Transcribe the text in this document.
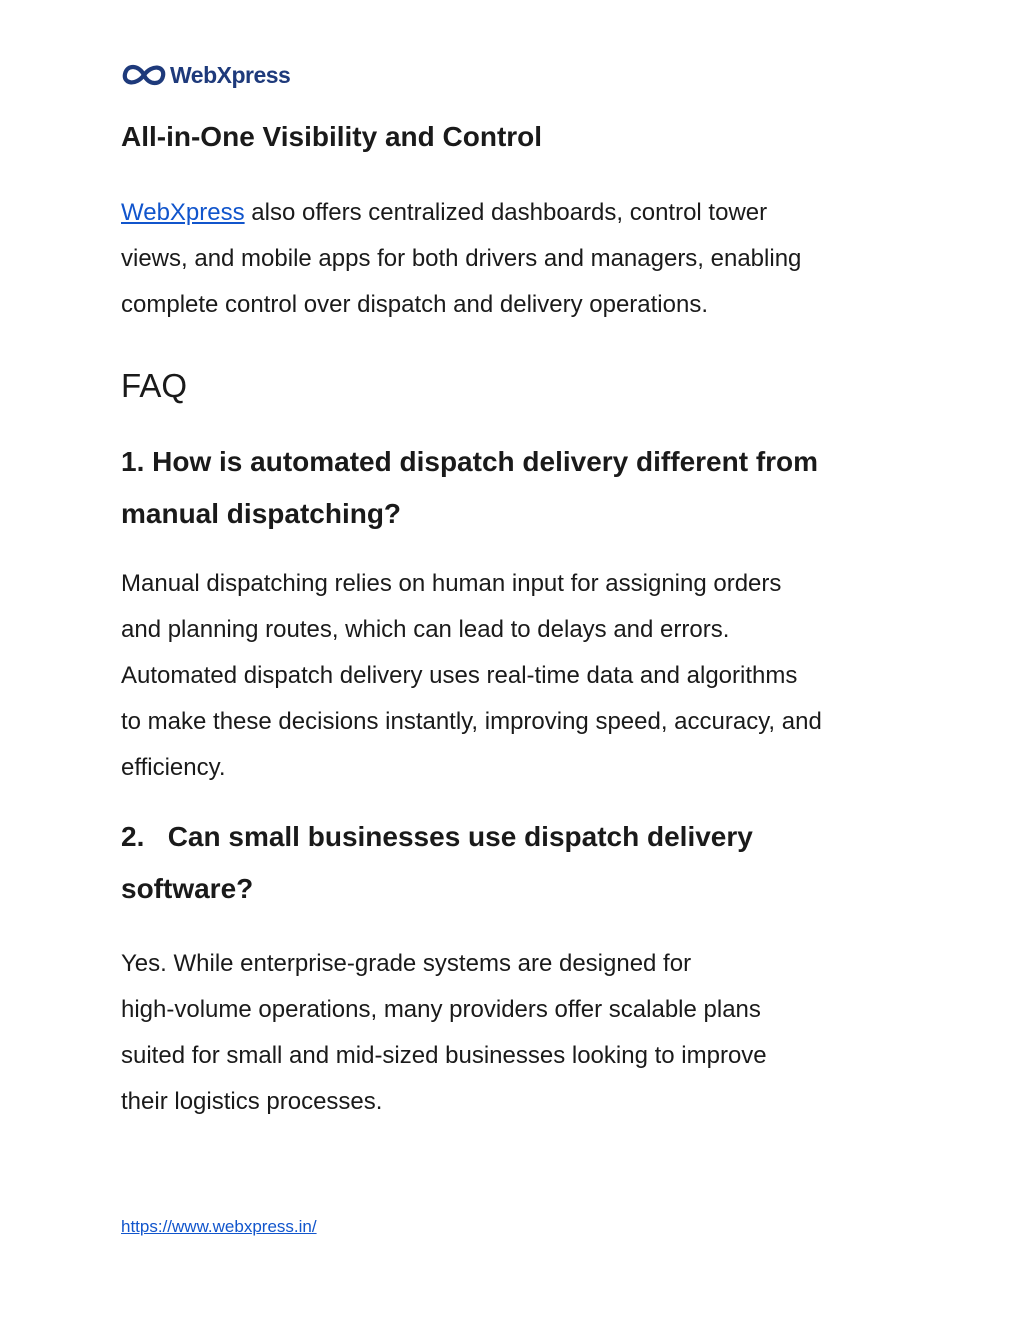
WebXpress
All-in-One Visibility and Control
WebXpress also offers centralized dashboards, control tower
views, and mobile apps for both drivers and managers, enabling
complete control over dispatch and delivery operations.
FAQ
1. How is automated dispatch delivery different from
manual dispatching?
Manual dispatching relies on human input for assigning orders
and planning routes, which can lead to delays and errors.
Automated dispatch delivery uses real-time data and algorithms
to make these decisions instantly, improving speed, accuracy, and
efficiency.
2.   Can small businesses use dispatch delivery
software?
Yes. While enterprise-grade systems are designed for
high-volume operations, many providers offer scalable plans
suited for small and mid-sized businesses looking to improve
their logistics processes.
https://www.webxpress.in/
